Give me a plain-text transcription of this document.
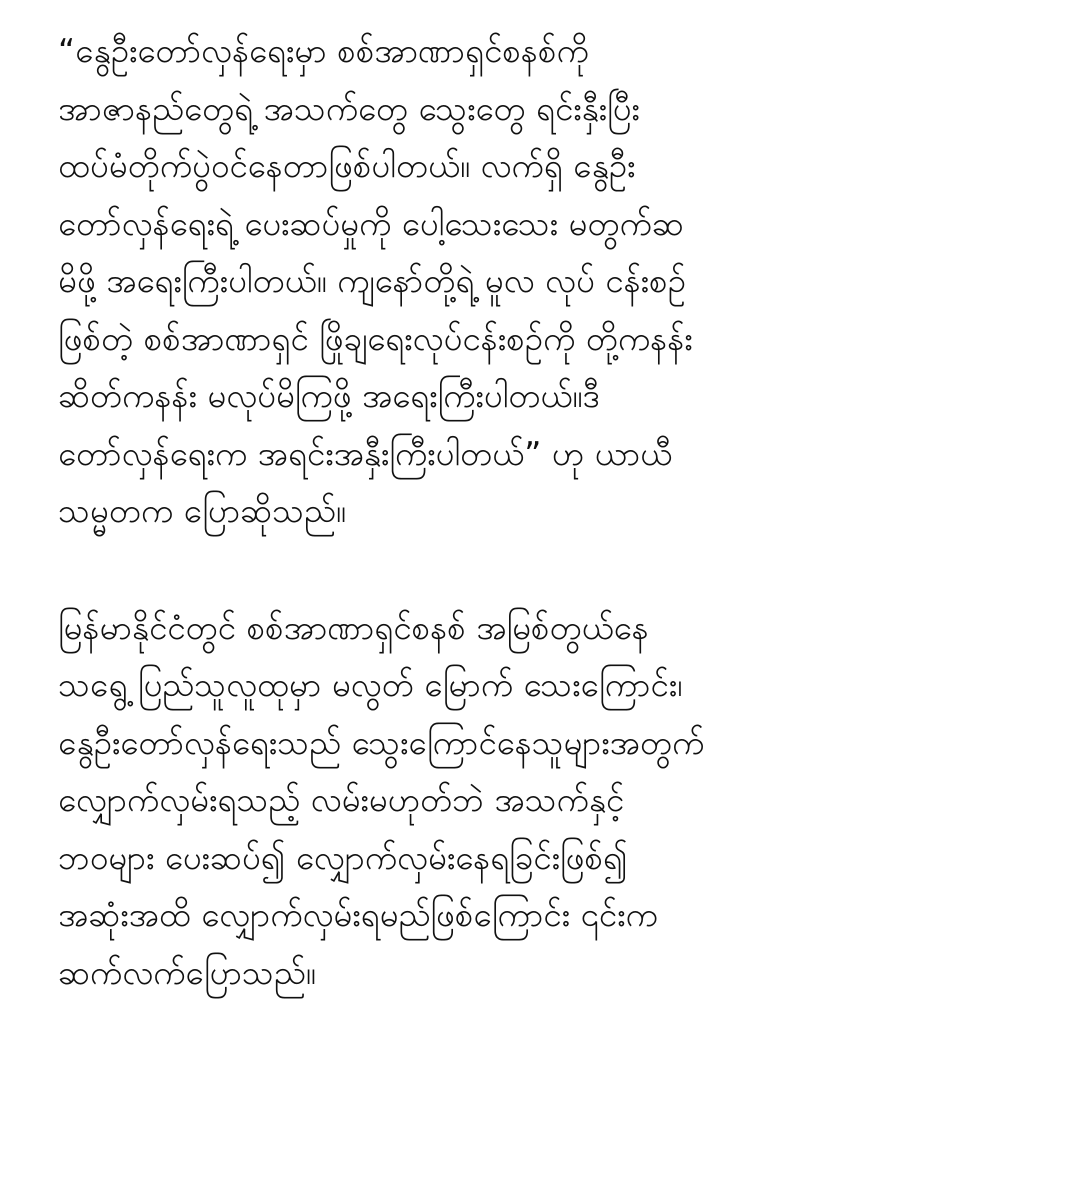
“နွေဦးတော်လှန်ရေးမှာ စစ်အာဏာရှင်စနစ်ကို
အာဇာနည်တွေရဲ့ အသက်တွေ သွေးတွေ ရင်းနှီးပြီး
ထပ်မံတိုက်ပွဲဝင်နေတာဖြစ်ပါတယ်။ လက်ရှိ နွေဦး
တော်လှန်ရေးရဲ့ ပေးဆပ်မှုကို ပေါ့သေးသေး မတွက်ဆ
မိဖို့ အရေးကြီးပါတယ်။ ကျနော်တို့ရဲ့ မူလ လုပ် ငန်းစဉ်
ဖြစ်တဲ့ စစ်အာဏာရှင် ဖြိုချရေးလုပ်ငန်းစဉ်ကို တို့ကနန်း
ဆိတ်ကနန်း မလုပ်မိကြဖို့ အရေးကြီးပါတယ်။ဒီ
တော်လှန်ရေးက အရင်းအနှီးကြီးပါတယ်” ဟု ယာယီ
သမ္မတက ပြောဆိုသည်။

မြန်မာနိုင်ငံတွင် စစ်အာဏာရှင်စနစ် အမြစ်တွယ်နေ
သရွေ့ ပြည်သူလူထုမှာ မလွတ် မြောက် သေးကြောင်း၊
နွေဦးတော်လှန်ရေးသည် သွေးကြောင်နေသူများအတွက်
လျှောက်လှမ်းရသည့် လမ်းမဟုတ်ဘဲ အသက်နှင့်
ဘဝများ ပေးဆပ်၍ လျှောက်လှမ်းနေရခြင်းဖြစ်၍
အဆုံးအထိ လျှောက်လှမ်းရမည်ဖြစ်ကြောင်း ၎င်းက
ဆက်လက်ပြောသည်။
